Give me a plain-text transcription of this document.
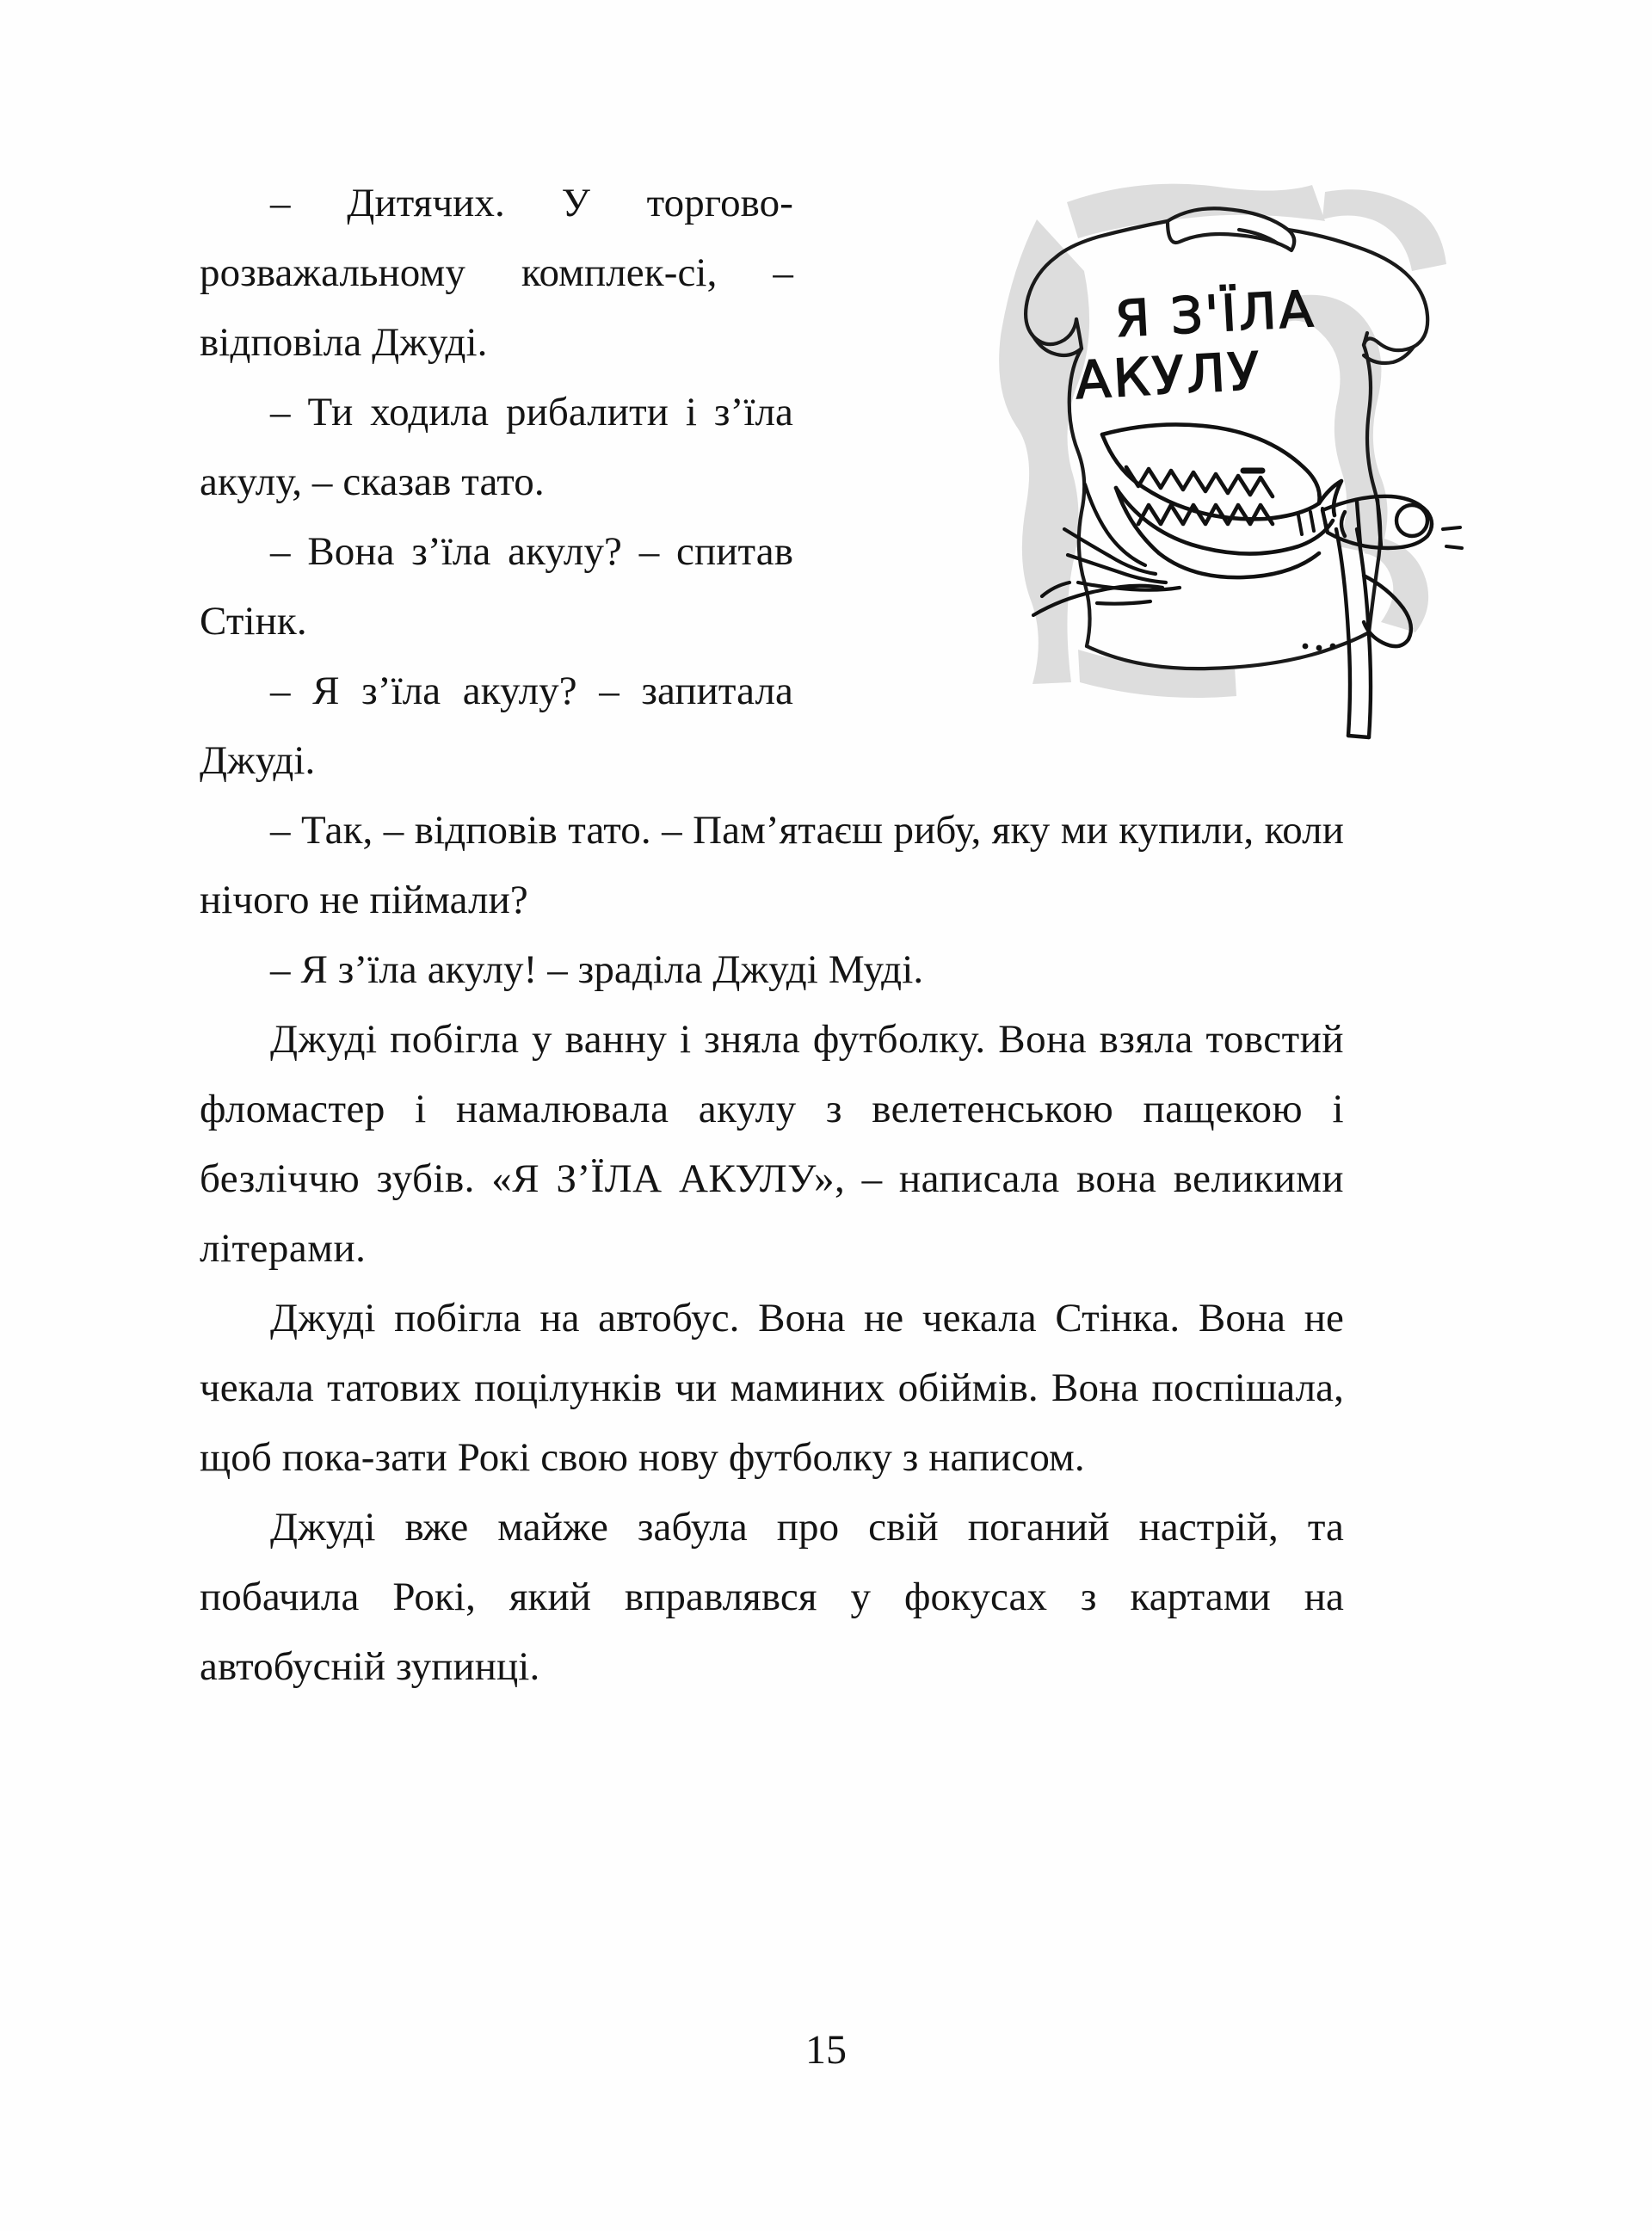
Я З'ЇЛА
АКУЛУ

– Дитячих. У торгово-розважальному комплек-сі, – відповіла Джуді.

– Ти ходила рибалити і з’їла акулу, – сказав тато.

– Вона з’їла акулу? – спитав Стінк.

– Я з’їла акулу? – запитала Джуді.

– Так, – відповів тато. – Пам’ятаєш рибу, яку ми купили, коли нічого не піймали?

– Я з’їла акулу! – зраділа Джуді Муді.

Джуді побігла у ванну і зняла футболку. Вона взяла товстий фломастер і намалювала акулу з велетенською пащекою і безліччю зубів. «Я З’ЇЛА АКУЛУ», – написала вона великими літерами.

Джуді побігла на автобус. Вона не чекала Стінка. Вона не чекала татових поцілунків чи маминих обіймів. Вона поспішала, щоб пока-зати Рокі свою нову футболку з написом.

Джуді вже майже забула про свій поганий настрій, та побачила Рокі, який вправлявся у фокусах з картами на автобусній зупинці.

15
